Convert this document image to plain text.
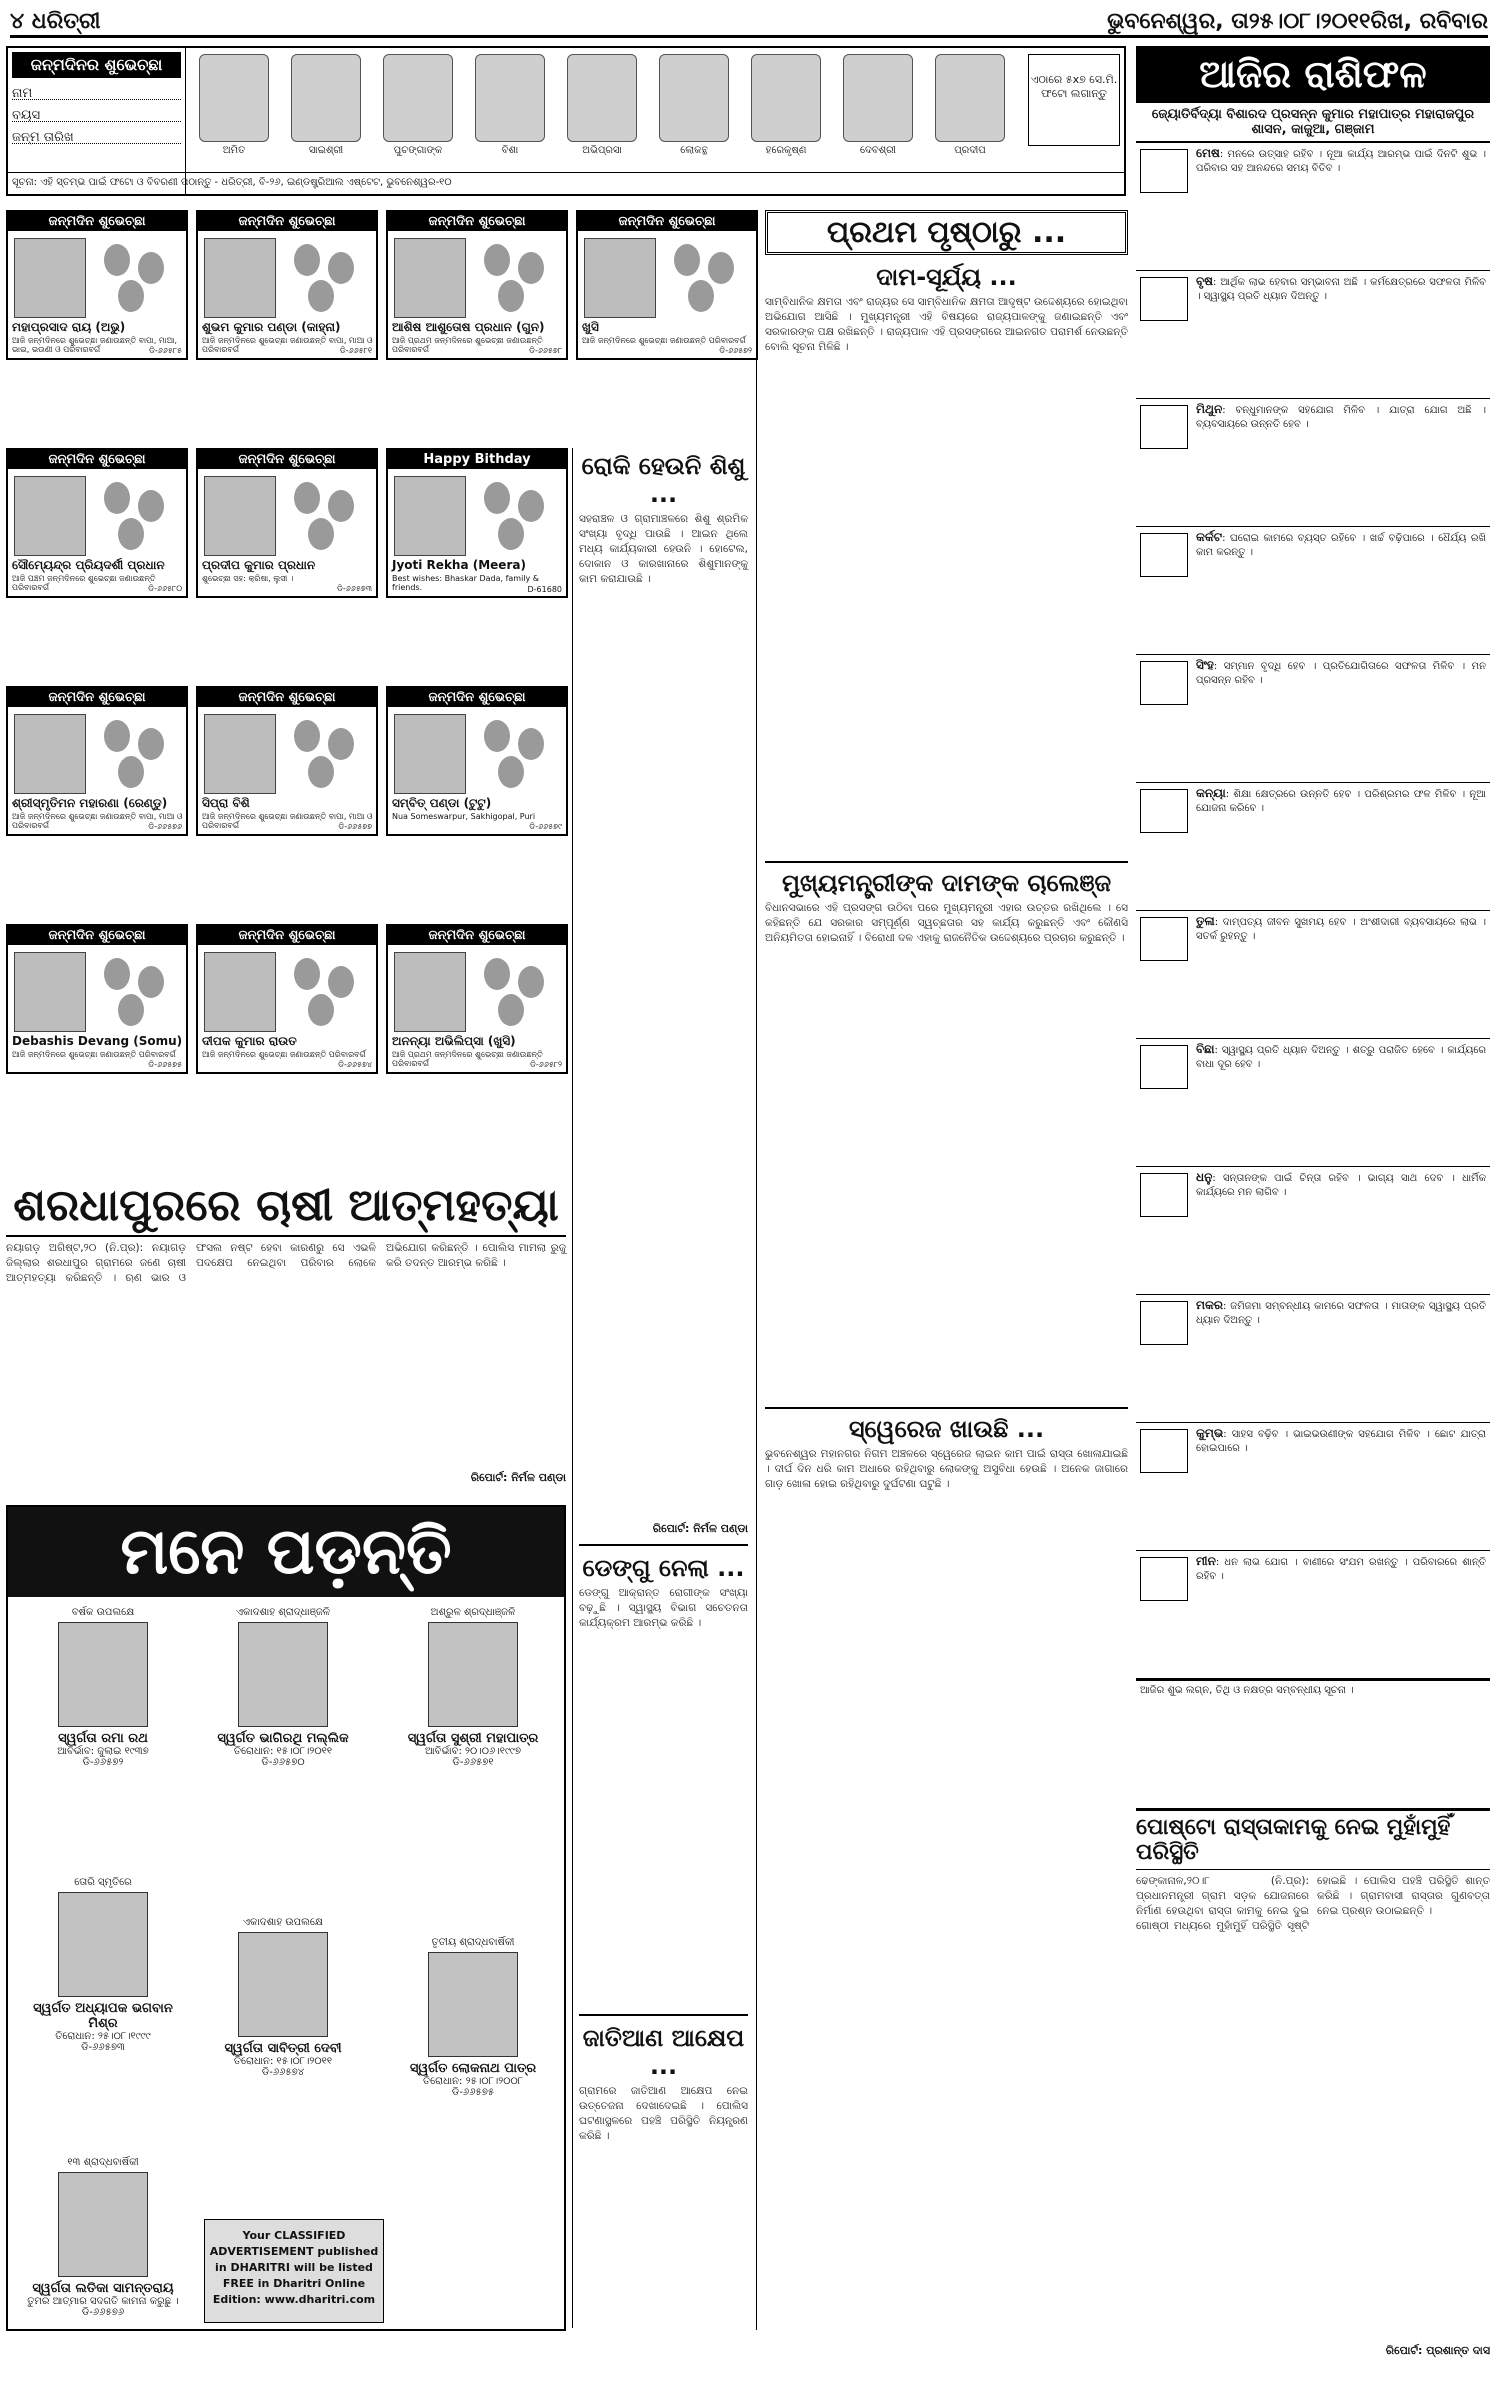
୪ ଧରିତ୍ରୀ	ଭୁବନେଶ୍ୱର, ତା୨୫।୦୮।୨୦୧୧ରିଖ, ରବିବାର
ଜନ୍ମଦିନର ଶୁଭେଚ୍ଛା
ନାମ
ବୟସ
ଜନ୍ମ ତାରିଖ
ଅମିତ	ସାଇଶ୍ରୀ	ପୁଚଙ୍ଗାଙ୍କ	ବିଶା	ଅଭିପ୍ରସା	ଲୋକନ୍ଥ	ହରେକୃଷ୍ଣ	ଦେବଶ୍ରୀ	ପ୍ରଦୀପ
ଏଠାରେ ୫x୭ ସେ.ମି. ଫଟୋ ଲଗାନ୍ତୁ
ସୂଚନା: ଏହି ସ୍ତମ୍ଭ ପାଇଁ ଫଟୋ ଓ ବିବରଣୀ ପଠାନ୍ତୁ - ଧରିତ୍ରୀ, ବି-୨୬, ଇଣ୍ଡଷ୍ଟ୍ରିଆଲ ଏଷ୍ଟେଟ, ଭୁବନେଶ୍ୱର-୧୦
ଜନ୍ମଦିନ ଶୁଭେଚ୍ଛା
ମହାପ୍ରସାଦ ରାୟ (ଅଭୁ)
ଆଜି ଜନ୍ମଦିନରେ ଶୁଭେଚ୍ଛା ଜଣାଉଛନ୍ତି ବାପା, ମାଆ, ଭାଇ, ଭଉଣୀ ଓ ପରିବାରବର୍ଗ	ଡି-୬୬୫୮୫
ଜନ୍ମଦିନ ଶୁଭେଚ୍ଛା
ଶୁଭମ କୁମାର ପଣ୍ଡା (କାହ୍ନା)
ଆଜି ଜନ୍ମଦିନରେ ଶୁଭେଚ୍ଛା ଜଣାଉଛନ୍ତି ବାପା, ମାଆ ଓ ପରିବାରବର୍ଗ	ଡି-୬୬୫୮୧
ଜନ୍ମଦିନ ଶୁଭେଚ୍ଛା
ଆଶିଷ ଆଶୁତୋଷ ପ୍ରଧାନ (ଗୁନ)
ଆଜି ପ୍ରଥମ ଜନ୍ମଦିନରେ ଶୁଭେଚ୍ଛା ଜଣାଉଛନ୍ତି ପରିବାରବର୍ଗ	ଡି-୬୬୫୭୮
ଜନ୍ମଦିନ ଶୁଭେଚ୍ଛା
ଖୁସି
ଆଜି ଜନ୍ମଦିନରେ ଶୁଭେଚ୍ଛା ଜଣାଉଛନ୍ତି ପରିବାରବର୍ଗ
ଡି-୬୬୫୭୨
ଜନ୍ମଦିନ ଶୁଭେଚ୍ଛା
ସୌମ୍ୟେନ୍ଦ୍ର ପ୍ରିୟଦର୍ଶୀ ପ୍ରଧାନ
ଆଜି ପଞ୍ଚମ ଜନ୍ମଦିନରେ ଶୁଭେଚ୍ଛା ଜଣାଉଛନ୍ତି ପରିବାରବର୍ଗ	ଡି-୬୬୫୮୦
ଜନ୍ମଦିନ ଶୁଭେଚ୍ଛା
ପ୍ରଦୀପ କୁମାର ପ୍ରଧାନ
ଶୁଭେଚ୍ଛା ସହ: କ୍ରିଷା, ଲୁସୀ ।
ଡି-୬୬୫୭୩
Happy Bithday
Jyoti Rekha (Meera)
Best wishes: Bhaskar Dada, family & friends.	D-61680
ଜନ୍ମଦିନ ଶୁଭେଚ୍ଛା
ଶ୍ରୀସ୍ମୃତିମନ ମହାରଣା (ରେଣ୍ଡୁ)
ଆଜି ଜନ୍ମଦିନରେ ଶୁଭେଚ୍ଛା ଜଣାଉଛନ୍ତି ବାପା, ମାଆ ଓ ପରିବାରବର୍ଗ	ଡି-୬୬୫୭୬
ଜନ୍ମଦିନ ଶୁଭେଚ୍ଛା
ସିପ୍ରା ବିଶି
ଆଜି ଜନ୍ମଦିନରେ ଶୁଭେଚ୍ଛା ଜଣାଉଛନ୍ତି ବାପା, ମାଆ ଓ ପରିବାରବର୍ଗ	ଡି-୬୬୫୭୭
ଜନ୍ମଦିନ ଶୁଭେଚ୍ଛା
ସମ୍ବିତ୍ ପଣ୍ଡା (ଟୁଟୁ)
Nua Someswarpur, Sakhigopal, Puri
ଡି-୬୬୫୭୯
ଜନ୍ମଦିନ ଶୁଭେଚ୍ଛା
Debashis Devang (Somu)
ଆଜି ଜନ୍ମଦିନରେ ଶୁଭେଚ୍ଛା ଜଣାଉଛନ୍ତି ପରିବାରବର୍ଗ
ଡି-୬୬୫୭୫
ଜନ୍ମଦିନ ଶୁଭେଚ୍ଛା
ଦୀପକ କୁମାର ରାଉତ
ଆଜି ଜନ୍ମଦିନରେ ଶୁଭେଚ୍ଛା ଜଣାଉଛନ୍ତି ପରିବାରବର୍ଗ
ଡି-୬୬୫୭୪
ଜନ୍ମଦିନ ଶୁଭେଚ୍ଛା
ଅନନ୍ୟା ଅଭିଲିପ୍ସା (ଖୁସି)
ଆଜି ପ୍ରଥମ ଜନ୍ମଦିନରେ ଶୁଭେଚ୍ଛା ଜଣାଉଛନ୍ତି ପରିବାରବର୍ଗ	ଡି-୬୬୫୮୨
ଶରଧାପୁରରେ ଚାଷୀ ଆତ୍ମହତ୍ୟା
ନୟାଗଡ଼ ଅଗିଷ୍ଟ,୨୦ (ନି.ପ୍ର): ନୟାଗଡ଼ ଜିଲ୍ଲାର ଶରଧାପୁର ଗ୍ରାମରେ ଜଣେ ଚାଷୀ ଆତ୍ମହତ୍ୟା କରିଛନ୍ତି । ଋଣ ଭାର ଓ ଫସଲ ନଷ୍ଟ ହେବା କାରଣରୁ ସେ ଏଭଳି ପଦକ୍ଷେପ ନେଇଥିବା ପରିବାର ଲୋକେ ଅଭିଯୋଗ କରିଛନ୍ତି । ପୋଲିସ ମାମଲା ରୁଜୁ କରି ତଦନ୍ତ ଆରମ୍ଭ କରିଛି ।
ରିପୋର୍ଟ: ନିର୍ମଳ ପଣ୍ଡା
ରୋକି ହେଉନି ଶିଶୁ ...
ସହରାଞ୍ଚଳ ଓ ଗ୍ରାମାଞ୍ଚଳରେ ଶିଶୁ ଶ୍ରମିକ ସଂଖ୍ୟା ବୃଦ୍ଧି ପାଉଛି । ଆଇନ ଥିଲେ ମଧ୍ୟ କାର୍ଯ୍ୟକାରୀ ହେଉନି । ହୋଟେଲ, ଦୋକାନ ଓ କାରଖାନାରେ ଶିଶୁମାନଙ୍କୁ କାମ କରାଯାଉଛି ।
ରିପୋର୍ଟ: ନିର୍ମଳ ପଣ୍ଡା
ଡେଙ୍ଗୁ ନେଲା ...
ଡେଙ୍ଗୁ ଆକ୍ରାନ୍ତ ରୋଗୀଙ୍କ ସଂଖ୍ୟା ବଢ଼ୁଛି । ସ୍ୱାସ୍ଥ୍ୟ ବିଭାଗ ସଚେତନତା କାର୍ଯ୍ୟକ୍ରମ ଆରମ୍ଭ କରିଛି ।
ଜାତିଆଣ ଆକ୍ଷେପ ...
ଗ୍ରାମରେ ଜାତିଆଣ ଆକ୍ଷେପ ନେଇ ଉତ୍ତେଜନା ଦେଖାଦେଇଛି । ପୋଲିସ ଘଟଣାସ୍ଥଳରେ ପହଞ୍ଚି ପରିସ୍ଥିତି ନିୟନ୍ତ୍ରଣ କରିଛି ।
ପ୍ରଥମ ପୃଷ୍ଠାରୁ ...
ଦାମ-ସୂର୍ଯ୍ୟ ...
ସାମ୍ବିଧାନିକ କ୍ଷମତା ଏବଂ ରାଜ୍ୟର ସେ ସାମ୍ବିଧାନିକ କ୍ଷମତା ଆଦୃଷ୍ଟ ଉଦ୍ଦେଶ୍ୟରେ ହୋଇଥିବା ଅଭିଯୋଗ ଆସିଛି । ମୁଖ୍ୟମନ୍ତ୍ରୀ ଏହି ବିଷୟରେ ରାଜ୍ୟପାଳଙ୍କୁ ଜଣାଇଛନ୍ତି ଏବଂ ସରକାରଙ୍କ ପକ୍ଷ ରଖିଛନ୍ତି । ରାଜ୍ୟପାଳ ଏହି ପ୍ରସଙ୍ଗରେ ଆଇନଗତ ପରାମର୍ଶ ନେଉଛନ୍ତି ବୋଲି ସୂଚନା ମିଳିଛି ।
ମୁଖ୍ୟମନ୍ତ୍ରୀଙ୍କ ଦାମଙ୍କ ଚାଲେଞ୍ଜ
ବିଧାନସଭାରେ ଏହି ପ୍ରସଙ୍ଗ ଉଠିବା ପରେ ମୁଖ୍ୟମନ୍ତ୍ରୀ ଏହାର ଉତ୍ତର ରଖିଥିଲେ । ସେ କହିଛନ୍ତି ଯେ ସରକାର ସମ୍ପୂର୍ଣ୍ଣ ସ୍ୱଚ୍ଛତାର ସହ କାର୍ଯ୍ୟ କରୁଛନ୍ତି ଏବଂ କୌଣସି ଅନିୟମିତତା ହୋଇନାହିଁ । ବିରୋଧୀ ଦଳ ଏହାକୁ ରାଜନୈତିକ ଉଦ୍ଦେଶ୍ୟରେ ପ୍ରଚାର କରୁଛନ୍ତି ।
ସ୍ୱେରେଜ ଖାଉଛି ...
ଭୁବନେଶ୍ୱର ମହାନଗର ନିଗମ ଅଞ୍ଚଳରେ ସ୍ୱେରେଜ ଲାଇନ କାମ ପାଇଁ ରାସ୍ତା ଖୋଳାଯାଇଛି । ଦୀର୍ଘ ଦିନ ଧରି କାମ ଅଧାରେ ରହିଥିବାରୁ ଲୋକଙ୍କୁ ଅସୁବିଧା ହେଉଛି । ଅନେକ ଜାଗାରେ ଗାଡ଼ ଖୋଳା ହୋଇ ରହିଥିବାରୁ ଦୁର୍ଘଟଣା ଘଟୁଛି ।
ଆଜିର ରାଶିଫଳ
ଜ୍ୟୋତିର୍ବିଦ୍ୟା ବିଶାରଦ ପ୍ରସନ୍ନ କୁମାର ମହାପାତ୍ର ମହାରାଜପୁର ଶାସନ, କାଜୁଆ, ଗଞ୍ଜାମ
ମେଷ: ମନରେ ଉତ୍ସାହ ରହିବ । ନୂଆ କାର୍ଯ୍ୟ ଆରମ୍ଭ ପାଇଁ ଦିନଟି ଶୁଭ । ପରିବାର ସହ ଆନନ୍ଦରେ ସମୟ ବିତିବ ।
ବୃଷ: ଆର୍ଥିକ ଲାଭ ହେବାର ସମ୍ଭାବନା ଅଛି । କର୍ମକ୍ଷେତ୍ରରେ ସଫଳତା ମିଳିବ । ସ୍ୱାସ୍ଥ୍ୟ ପ୍ରତି ଧ୍ୟାନ ଦିଅନ୍ତୁ ।
ମିଥୁନ: ବନ୍ଧୁମାନଙ୍କ ସହଯୋଗ ମିଳିବ । ଯାତ୍ରା ଯୋଗ ଅଛି । ବ୍ୟବସାୟରେ ଉନ୍ନତି ହେବ ।
କର୍କଟ: ଘରୋଇ କାମରେ ବ୍ୟସ୍ତ ରହିବେ । ଖର୍ଚ୍ଚ ବଢ଼ିପାରେ । ଧୈର୍ଯ୍ୟ ରଖି କାମ କରନ୍ତୁ ।
ସିଂହ: ସମ୍ମାନ ବୃଦ୍ଧି ହେବ । ପ୍ରତିଯୋଗିତାରେ ସଫଳତା ମିଳିବ । ମନ ପ୍ରସନ୍ନ ରହିବ ।
କନ୍ୟା: ଶିକ୍ଷା କ୍ଷେତ୍ରରେ ଉନ୍ନତି ହେବ । ପରିଶ୍ରମର ଫଳ ମିଳିବ । ନୂଆ ଯୋଜନା କରିବେ ।
ତୁଳା: ଦାମ୍ପତ୍ୟ ଜୀବନ ସୁଖମୟ ହେବ । ଅଂଶୀଦାରୀ ବ୍ୟବସାୟରେ ଲାଭ । ସତର୍କ ରୁହନ୍ତୁ ।
ବିଛା: ସ୍ୱାସ୍ଥ୍ୟ ପ୍ରତି ଧ୍ୟାନ ଦିଅନ୍ତୁ । ଶତ୍ରୁ ପରାଜିତ ହେବେ । କାର୍ଯ୍ୟରେ ବାଧା ଦୂର ହେବ ।
ଧନୁ: ସନ୍ତାନଙ୍କ ପାଇଁ ଚିନ୍ତା ରହିବ । ଭାଗ୍ୟ ସାଥ ଦେବ । ଧାର୍ମିକ କାର୍ଯ୍ୟରେ ମନ ଲାଗିବ ।
ମକର: ଜମିଜମା ସମ୍ବନ୍ଧୀୟ କାମରେ ସଫଳତା । ମାତାଙ୍କ ସ୍ୱାସ୍ଥ୍ୟ ପ୍ରତି ଧ୍ୟାନ ଦିଅନ୍ତୁ ।
କୁମ୍ଭ: ସାହସ ବଢ଼ିବ । ଭାଇଭଉଣୀଙ୍କ ସହଯୋଗ ମିଳିବ । ଛୋଟ ଯାତ୍ରା ହୋଇପାରେ ।
ମୀନ: ଧନ ଲାଭ ଯୋଗ । ବାଣୀରେ ସଂଯମ ରଖନ୍ତୁ । ପରିବାରରେ ଶାନ୍ତି ରହିବ ।
ଆଜିର ଶୁଭ ଲଗ୍ନ, ତିଥି ଓ ନକ୍ଷତ୍ର ସମ୍ବନ୍ଧୀୟ ସୂଚନା ।
ପୋଷ୍ଟୋ ରାସ୍ତାକାମକୁ ନେଇ ମୁହାଁମୁହିଁ ପରିସ୍ଥିତି
ଢେଙ୍କାନାଳ,୨୦।୮ (ନି.ପ୍ର): ପ୍ରଧାନମନ୍ତ୍ରୀ ଗ୍ରାମ ସଡ଼କ ଯୋଜନାରେ ନିର୍ମାଣ ହେଉଥିବା ରାସ୍ତା କାମକୁ ନେଇ ଦୁଇ ଗୋଷ୍ଠୀ ମଧ୍ୟରେ ମୁହାଁମୁହିଁ ପରିସ୍ଥିତି ସୃଷ୍ଟି ହୋଇଛି । ପୋଲିସ ପହଞ୍ଚି ପରିସ୍ଥିତି ଶାନ୍ତ କରିଛି । ଗ୍ରାମବାସୀ ରାସ୍ତାର ଗୁଣବତ୍ତା ନେଇ ପ୍ରଶ୍ନ ଉଠାଇଛନ୍ତି ।
ରିପୋର୍ଟ: ପ୍ରଶାନ୍ତ ଦାସ
ମନେ ପଡ଼ନ୍ତି
ବର୍ଷକ ଉପଲକ୍ଷେ
ସ୍ୱର୍ଗତା ରମା ରଥ
ଆବିର୍ଭାବ: ଜୁଲାଇ ୧୯୩୭
ଡି-୬୬୫୭୨
ଏକାଦଶାହ ଶ୍ରାଦ୍ଧାଞ୍ଜଳି
ସ୍ୱର୍ଗତ ଭାଗିରଥି ମଲ୍ଲିକ
ତିରୋଧାନ: ୧୫।୦୮।୨୦୧୧
ଡି-୬୬୫୭୦
ଅଶ୍ରୁଳ ଶ୍ରଦ୍ଧାଞ୍ଜଳି
ସ୍ୱର୍ଗତା ସୁଶ୍ରୀ ମହାପାତ୍ର
ଆବିର୍ଭାବ: ୨୦।୦୬।୧୯୯୭
ଡି-୬୬୫୭୧
ତୋରି ସ୍ମୃତିରେ
ସ୍ୱର୍ଗତ ଅଧ୍ୟାପକ ଭଗବାନ ମିଶ୍ର
ତିରୋଧାନ: ୨୫।୦୮।୧୯୯୯
ଡି-୬୬୫୭୩
ଏକାଦଶାହ ଉପଲକ୍ଷେ
ସ୍ୱର୍ଗତା ସାବିତ୍ରୀ ଦେବୀ
ତିରୋଧାନ: ୧୫।୦୮।୨୦୧୧
ଡି-୬୬୫୭୪
ତୃତୀୟ ଶ୍ରାଦ୍ଧବାର୍ଷିକୀ
ସ୍ୱର୍ଗତ ଲୋକନାଥ ପାତ୍ର
ତିରୋଧାନ: ୨୫।୦୮।୨୦୦୮
ଡି-୬୬୫୭୫
୧୩ ଶ୍ରାଦ୍ଧବାର୍ଷିକୀ
ସ୍ୱର୍ଗତା ଲତିକା ସାମନ୍ତରାୟ
ତୁମର ଆତ୍ମାର ସଦଗତି କାମନା କରୁଛୁ ।
ଡି-୬୬୫୭୬
Your CLASSIFIED ADVERTISEMENT published in DHARITRI will be listed FREE in Dharitri Online Edition: www.dharitri.com
